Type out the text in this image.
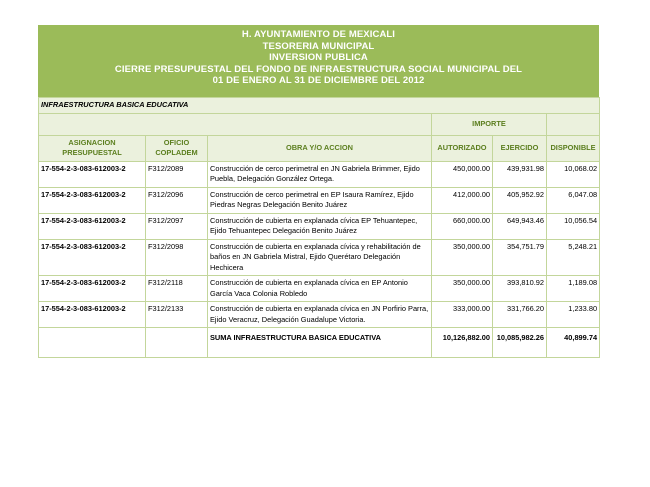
H. AYUNTAMIENTO DE MEXICALI
TESORERIA MUNICIPAL
INVERSION PUBLICA
CIERRE PRESUPUESTAL DEL FONDO DE INFRAESTRUCTURA SOCIAL MUNICIPAL DEL
01 DE ENERO AL 31 DE DICIEMBRE DEL 2012
INFRAESTRUCTURA BASICA EDUCATIVA					
			IMPORTE		
ASIGNACION PRESUPUESTAL	OFICIO COPLADEM	OBRA Y/O ACCION	AUTORIZADO	EJERCIDO	DISPONIBLE
17-554-2-3-083-612003-2	F312/2089	Construcción de cerco perimetral en JN Gabriela Brimmer, Ejido Puebla, Delegación González Ortega.	450,000.00	439,931.98	10,068.02
17-554-2-3-083-612003-2	F312/2096	Construcción de cerco perimetral en EP Isaura Ramírez, Ejido Piedras Negras Delegación Benito Juárez	412,000.00	405,952.92	6,047.08
17-554-2-3-083-612003-2	F312/2097	Construcción de cubierta en explanada cívica EP Tehuantepec, Ejido Tehuantepec Delegación Benito Juárez	660,000.00	649,943.46	10,056.54
17-554-2-3-083-612003-2	F312/2098	Construcción de cubierta en explanada cívica y rehabilitación de baños en JN Gabriela Mistral, Ejido Querétaro Delegación Hechicera	350,000.00	354,751.79	5,248.21
17-554-2-3-083-612003-2	F312/2118	Construcción de cubierta en explanada cívica en EP Antonio García Vaca Colonia Robledo	350,000.00	393,810.92	1,189.08
17-554-2-3-083-612003-2	F312/2133	Construcción de cubierta en explanada cívica en JN Porfirio Parra, Ejido Veracruz, Delegación Guadalupe Victoria.	333,000.00	331,766.20	1,233.80
		SUMA INFRAESTRUCTURA BASICA EDUCATIVA	10,126,882.00	10,085,982.26	40,899.74
